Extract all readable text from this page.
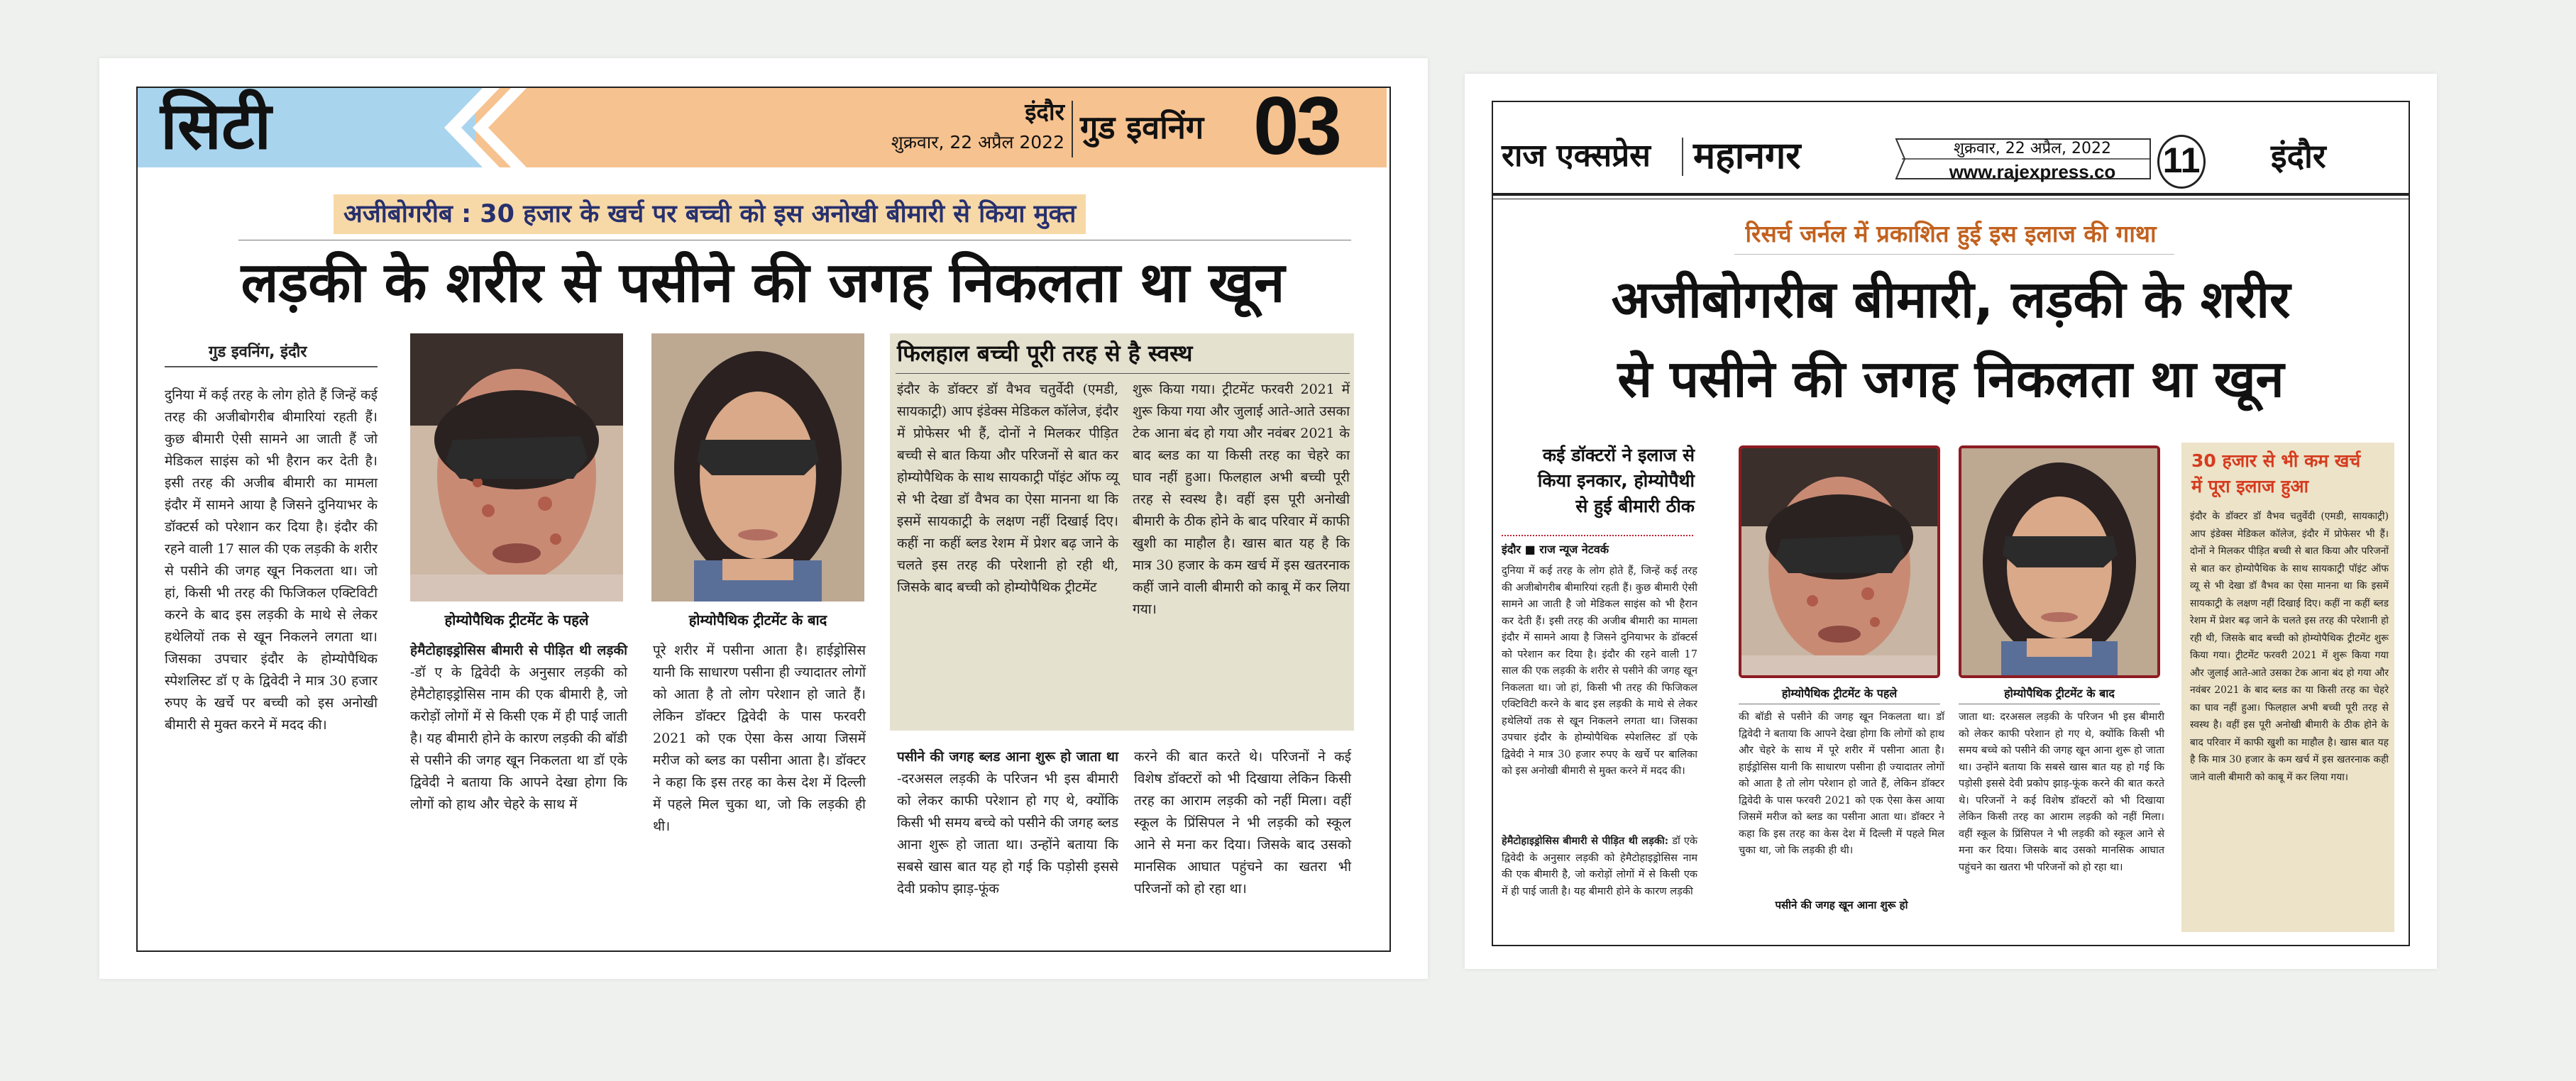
सिटी	इंदौर
शुक्रवार, 22 अप्रैल 2022 गुड इवनिंग 03
अजीबोगरीब : 30 हजार के खर्च पर बच्ची को इस अनोखी बीमारी से किया मुक्त
लड़की के शरीर से पसीने की जगह निकलता था खून
गुड इवनिंग, इंदौर
दुनिया में कई तरह के लोग होते हैं जिन्हें कई तरह की अजीबोगरीब बीमारियां रहती हैं। कुछ बीमारी ऐसी सामने आ जाती हैं जो मेडिकल साइंस को भी हैरान कर देती है। इसी तरह की अजीब बीमारी का मामला इंदौर में सामने आया है जिसने दुनियाभर के डॉक्टर्स को परेशान कर दिया है। इंदौर की रहने वाली 17 साल की एक लड़की के शरीर से पसीने की जगह खून निकलता था। जो हां, किसी भी तरह की फिजिकल एक्टिविटी करने के बाद इस लड़की के माथे से लेकर हथेलियों तक से खून निकलने लगता था। जिसका उपचार इंदौर के होम्योपैथिक स्पेशलिस्ट डॉ ए के द्विवेदी ने मात्र 30 हजार रुपए के खर्चे पर बच्ची को इस अनोखी बीमारी से मुक्त करने में मदद की।
होम्योपैथिक ट्रीटमेंट के पहले	होम्योपैथिक ट्रीटमेंट के बाद
हेमैटोहाइड्रोसिस बीमारी से पीड़ित थी लड़की -डॉ ए के द्विवेदी के अनुसार लड़की को हेमैटोहाइड्रोसिस नाम की एक बीमारी है, जो करोड़ों लोगों में से किसी एक में ही पाई जाती है। यह बीमारी होने के कारण लड़की की बॉडी से पसीने की जगह खून निकलता था डॉ एके द्विवेदी ने बताया कि आपने देखा होगा कि लोगों को हाथ और चेहरे के साथ में
पूरे शरीर में पसीना आता है। हाईड्रोसिस यानी कि साधारण पसीना ही ज्यादातर लोगों को आता है तो लोग परेशान हो जाते हैं। लेकिन डॉक्टर द्विवेदी के पास फरवरी 2021 को एक ऐसा केस आया जिसमें मरीज को ब्लड का पसीना आता है। डॉक्टर ने कहा कि इस तरह का केस देश में दिल्ली में पहले मिल चुका था, जो कि लड़की ही थी।
फिलहाल बच्ची पूरी तरह से है स्वस्थ
इंदौर के डॉक्टर डॉ वैभव चतुर्वेदी (एमडी, सायकाट्री) आप इंडेक्स मेडिकल कॉलेज, इंदौर में प्रोफेसर भी हैं, दोनों ने मिलकर पीड़ित बच्ची से बात किया और परिजनों से बात कर होम्योपैथिक के साथ सायकाट्री पॉइंट ऑफ व्यू से भी देखा डॉ वैभव का ऐसा मानना था कि इसमें सायकाट्री के लक्षण नहीं दिखाई दिए। कहीं ना कहीं ब्लड रेशम में प्रेशर बढ़ जाने के चलते इस तरह की परेशानी हो रही थी, जिसके बाद बच्ची को होम्योपैथिक ट्रीटमेंट
शुरू किया गया। ट्रीटमेंट फरवरी 2021 में शुरू किया गया और जुलाई आते-आते उसका टेक आना बंद हो गया और नवंबर 2021 के बाद ब्लड का या किसी तरह का चेहरे का घाव नहीं हुआ। फिलहाल अभी बच्ची पूरी तरह से स्वस्थ है। वहीं इस पूरी अनोखी बीमारी के ठीक होने के बाद परिवार में काफी खुशी का माहौल है। खास बात यह है कि मात्र 30 हजार के कम खर्च में इस खतरनाक कहीं जाने वाली बीमारी को काबू में कर लिया गया।
पसीने की जगह ब्लड आना शुरू हो जाता था -दरअसल लड़की के परिजन भी इस बीमारी को लेकर काफी परेशान हो गए थे, क्योंकि किसी भी समय बच्चे को पसीने की जगह ब्लड आना शुरू हो जाता था। उन्होंने बताया कि सबसे खास बात यह हो गई कि पड़ोसी इससे देवी प्रकोप झाड़-फूंक
करने की बात करते थे। परिजनों ने कई विशेष डॉक्टरों को भी दिखाया लेकिन किसी तरह का आराम लड़की को नहीं मिला। वहीं स्कूल के प्रिंसिपल ने भी लड़की को स्कूल आने से मना कर दिया। जिसके बाद उसको मानसिक आघात पहुंचने का खतरा भी परिजनों को हो रहा था।
राज एक्सप्रेस महानगर	शुक्रवार, 22 अप्रैल, 2022
www.rajexpress.co	11 इंदौर
रिसर्च जर्नल में प्रकाशित हुई इस इलाज की गाथा
अजीबोगरीब बीमारी, लड़की के शरीर
से पसीने की जगह निकलता था खून
कई डॉक्टरों ने इलाज से
किया इनकार, होम्योपैथी
से हुई बीमारी ठीक
इंदौर ■ राज न्यूज नेटवर्क
दुनिया में कई तरह के लोग होते हैं, जिन्हें कई तरह की अजीबोगरीब बीमारियां रहती हैं। कुछ बीमारी ऐसी सामने आ जाती है जो मेडिकल साइंस को भी हैरान कर देती हैं। इसी तरह की अजीब बीमारी का मामला इंदौर में सामने आया है जिसने दुनियाभर के डॉक्टर्स को परेशान कर दिया है। इंदौर की रहने वाली 17 साल की एक लड़की के शरीर से पसीने की जगह खून निकलता था। जो हां, किसी भी तरह की फिजिकल एक्टिविटी करने के बाद इस लड़की के माथे से लेकर हथेलियों तक से खून निकलने लगता था। जिसका उपचार इंदौर के होम्योपैथिक स्पेशलिस्ट डॉ एके द्विवेदी ने मात्र 30 हजार रुपए के खर्चे पर बालिका को इस अनोखी बीमारी से मुक्त करने में मदद की।
हेमैटोहाइड्रोसिस बीमारी से पीड़ित थी लड़की: डॉ एके द्विवेदी के अनुसार लड़की को हेमैटोहाइड्रोसिस नाम की एक बीमारी है, जो करोड़ों लोगों में से किसी एक में ही पाई जाती है। यह बीमारी होने के कारण लड़की
होम्योपैथिक ट्रीटमेंट के पहले	होम्योपैथिक ट्रीटमेंट के बाद
की बॉडी से पसीने की जगह खून निकलता था। डॉ द्विवेदी ने बताया कि आपने देखा होगा कि लोगों को हाथ और चेहरे के साथ में पूरे शरीर में पसीना आता है। हाईड्रोसिस यानी कि साधारण पसीना ही ज्यादातर लोगों को आता है तो लोग परेशान हो जाते हैं, लेकिन डॉक्टर द्विवेदी के पास फरवरी 2021 को एक ऐसा केस आया जिसमें मरीज को ब्लड का पसीना आता था। डॉक्टर ने कहा कि इस तरह का केस देश में दिल्ली में पहले मिल चुका था, जो कि लड़की ही थी।
पसीने की जगह खून आना शुरू हो
जाता था: दरअसल लड़की के परिजन भी इस बीमारी को लेकर काफी परेशान हो गए थे, क्योंकि किसी भी समय बच्चे को पसीने की जगह खून आना शुरू हो जाता था। उन्होंने बताया कि सबसे खास बात यह हो गई कि पड़ोसी इससे देवी प्रकोप झाड़-फूंक करने की बात करते थे। परिजनों ने कई विशेष डॉक्टरों को भी दिखाया लेकिन किसी तरह का आराम लड़की को नहीं मिला। वहीं स्कूल के प्रिंसिपल ने भी लड़की को स्कूल आने से मना कर दिया। जिसके बाद उसको मानसिक आघात पहुंचने का खतरा भी परिजनों को हो रहा था।
30 हजार से भी कम खर्च
में पूरा इलाज हुआ
इंदौर के डॉक्टर डॉ वैभव चतुर्वेदी (एमडी, सायकाट्री) आप इंडेक्स मेडिकल कॉलेज, इंदौर में प्रोफेसर भी हैं। दोनों ने मिलकर पीड़ित बच्ची से बात किया और परिजनों से बात कर होम्योपैथिक के साथ सायकाट्री पॉइंट ऑफ व्यू से भी देखा डॉ वैभव का ऐसा मानना था कि इसमें सायकाट्री के लक्षण नहीं दिखाई दिए। कहीं ना कहीं ब्लड रेशम में प्रेशर बढ़ जाने के चलते इस तरह की परेशानी हो रही थी, जिसके बाद बच्ची को होम्योपैथिक ट्रीटमेंट शुरू किया गया। ट्रीटमेंट फरवरी 2021 में शुरू किया गया और जुलाई आते-आते उसका टेक आना बंद हो गया और नवंबर 2021 के बाद ब्लड का या किसी तरह का चेहरे का घाव नहीं हुआ। फिलहाल अभी बच्ची पूरी तरह से स्वस्थ है। वहीं इस पूरी अनोखी बीमारी के ठीक होने के बाद परिवार में काफी खुशी का माहौल है। खास बात यह है कि मात्र 30 हजार के कम खर्च में इस खतरनाक कही जाने वाली बीमारी को काबू में कर लिया गया।
